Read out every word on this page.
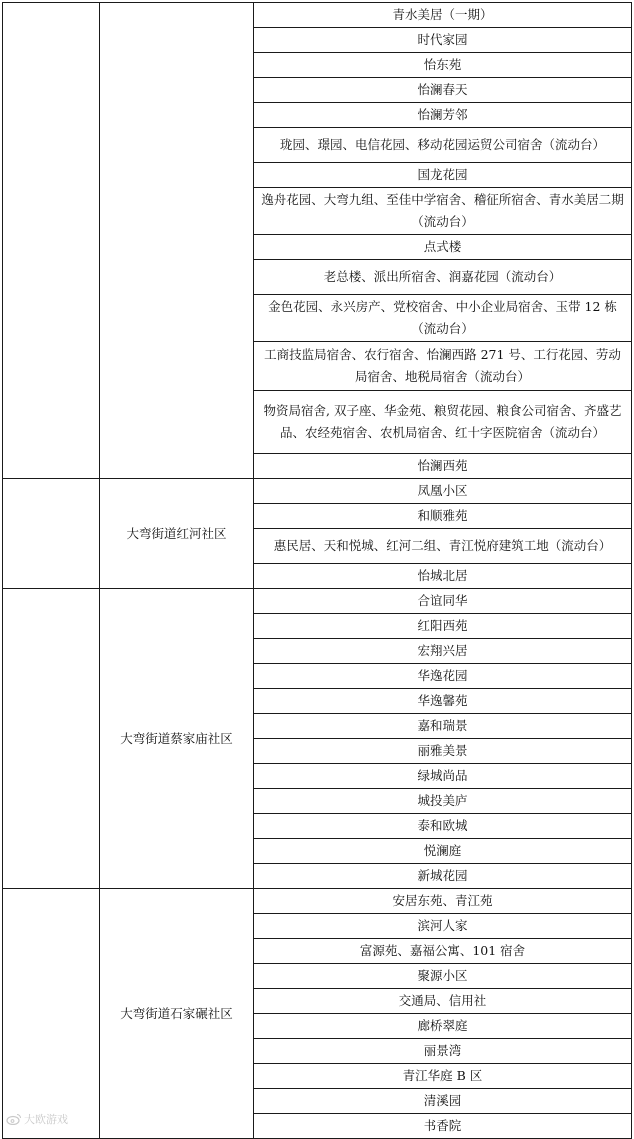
		青水美居（一期）
		时代家园
		怡东苑
		怡澜春天
		怡澜芳邻
		珑园、璟园、电信花园、移动花园运贸公司宿舍（流动台）
		国龙花园
		逸舟花园、大弯九组、至佳中学宿舍、稽征所宿舍、青水美居二期（流动台）
		点式楼
		老总楼、派出所宿舍、润嘉花园（流动台）
		金色花园、永兴房产、党校宿舍、中小企业局宿舍、玉带 12 栋（流动台）
		工商技监局宿舍、农行宿舍、怡澜西路 271 号、工行花园、劳动局宿舍、地税局宿舍（流动台）
		物资局宿舍, 双子座、华金苑、粮贸花园、粮食公司宿舍、齐盛艺品、农经苑宿舍、农机局宿舍、红十字医院宿舍（流动台）
		怡澜西苑
	大弯街道红河社区	凤凰小区
		和顺雅苑
		惠民居、天和悦城、红河二组、青江悦府建筑工地（流动台）
		怡城北居
	大弯街道蔡家庙社区	合谊同华
		红阳西苑
		宏翔兴居
		华逸花园
		华逸馨苑
		嘉和瑞景
		丽雅美景
		绿城尚品
		城投美庐
		泰和欧城
		悦澜庭
		新城花园
	大弯街道石家碾社区	安居东苑、青江苑
		滨河人家
		富源苑、嘉福公寓、101 宿舍
		聚源小区
		交通局、信用社
		廊桥翠庭
		丽景湾
		青江华庭 B 区
		清溪园
		书香院
大欧游戏
